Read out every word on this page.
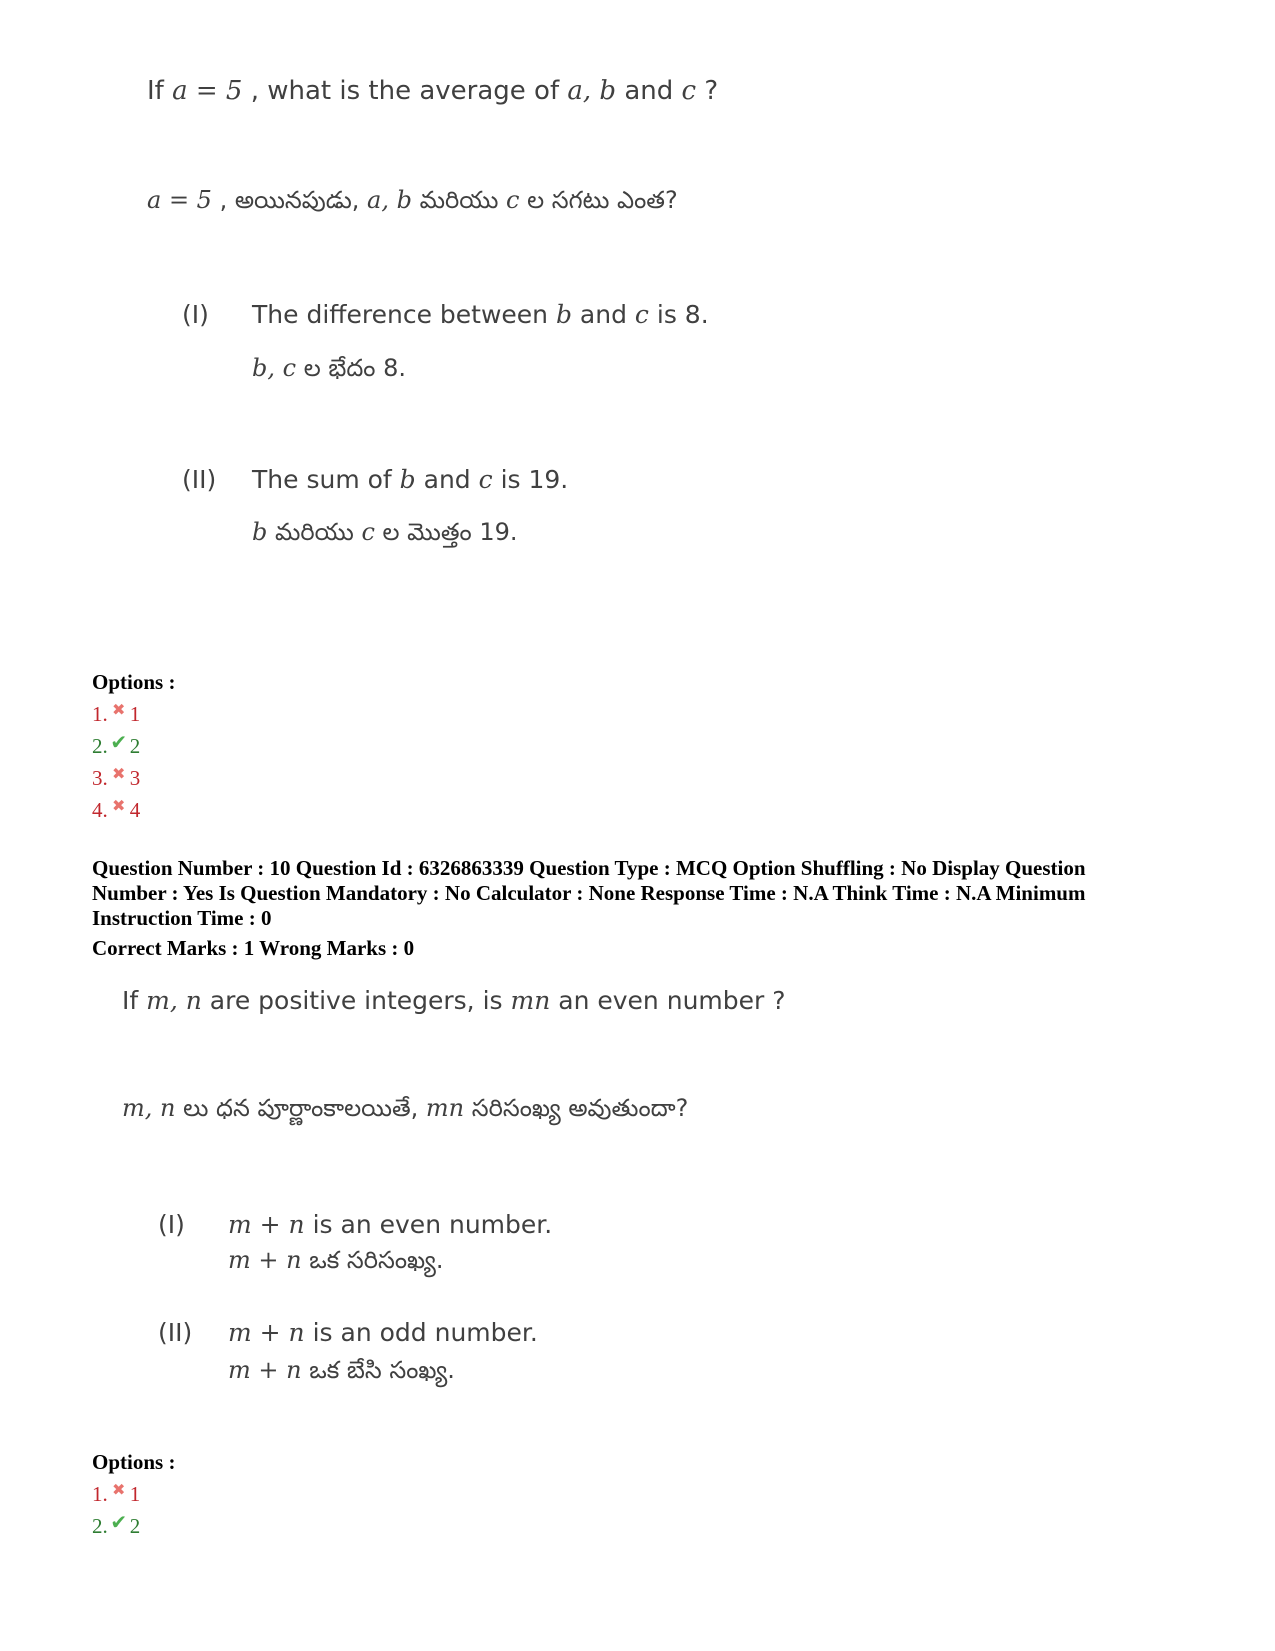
If a = 5 , what is the average of a, b and c ?
a = 5 , అయినపుడు, a, b మరియు c ల సగటు ఎంత?
(I) The difference between b and c is 8.
b, c ల భేదం 8.
(II) The sum of b and c is 19.
b మరియు c ల మొత్తం 19.
Options :
1. ✖ 1
2. ✔ 2
3. ✖ 3
4. ✖ 4
Question Number : 10 Question Id : 6326863339 Question Type : MCQ Option Shuffling : No Display Question
Number : Yes Is Question Mandatory : No Calculator : None Response Time : N.A Think Time : N.A Minimum
Instruction Time : 0
Correct Marks : 1 Wrong Marks : 0
If m, n are positive integers, is mn an even number ?
m, n లు ధన పూర్ణాంకాలయితే, mn సరిసంఖ్య అవుతుందా?
(I) m + n is an even number.
m + n ఒక సరిసంఖ్య.
(II) m + n is an odd number.
m + n ఒక బేసి సంఖ్య.
Options :
1. ✖ 1
2. ✔ 2
